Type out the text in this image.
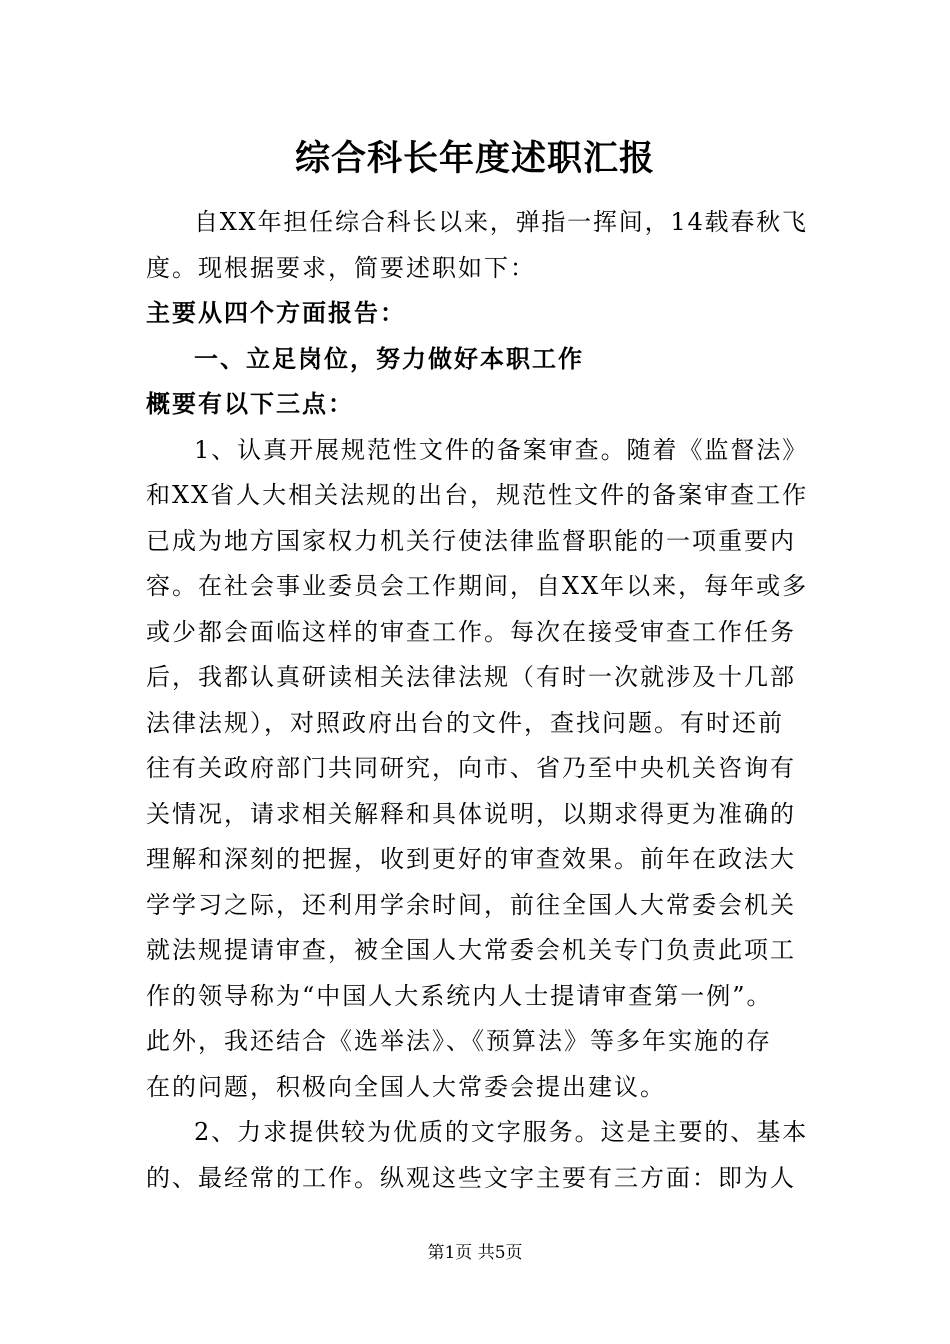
综合科长年度述职汇报
自XX年担任综合科长以来，弹指一挥间，14载春秋飞
度。现根据要求，简要述职如下：
主要从四个方面报告：
一、立足岗位，努力做好本职工作
概要有以下三点：
1、认真开展规范性文件的备案审查。随着《监督法》
和XX省人大相关法规的出台，规范性文件的备案审查工作
已成为地方国家权力机关行使法律监督职能的一项重要内
容。在社会事业委员会工作期间，自XX年以来，每年或多
或少都会面临这样的审查工作。每次在接受审查工作任务
后，我都认真研读相关法律法规（有时一次就涉及十几部
法律法规），对照政府出台的文件，查找问题。有时还前
往有关政府部门共同研究，向市、省乃至中央机关咨询有
关情况，请求相关解释和具体说明，以期求得更为准确的
理解和深刻的把握，收到更好的审查效果。前年在政法大
学学习之际，还利用学余时间，前往全国人大常委会机关
就法规提请审查，被全国人大常委会机关专门负责此项工
作的领导称为“中国人大系统内人士提请审查第一例”。
此外，我还结合《选举法》、《预算法》等多年实施的存
在的问题，积极向全国人大常委会提出建议。
2、力求提供较为优质的文字服务。这是主要的、基本
的、最经常的工作。纵观这些文字主要有三方面：即为人
第1页 共5页
